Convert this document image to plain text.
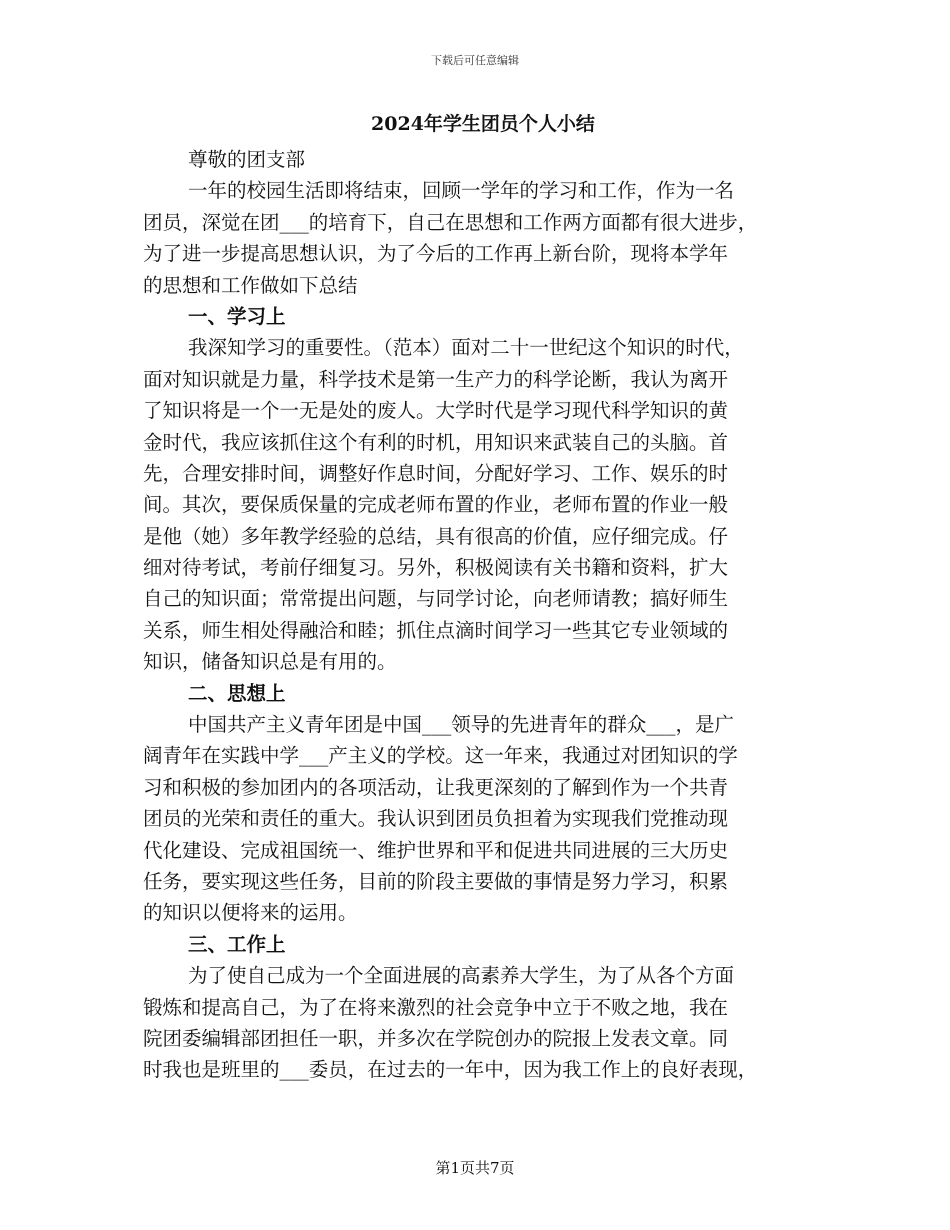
下载后可任意编辑
2024年学生团员个人小结

尊敬的团支部

一年的校园生活即将结束，回顾一学年的学习和工作，作为一名

团员，深觉在团___的培育下，自己在思想和工作两方面都有很大进步，

为了进一步提高思想认识，为了今后的工作再上新台阶，现将本学年

的思想和工作做如下总结

一、学习上

我深知学习的重要性。（范本）面对二十一世纪这个知识的时代，

面对知识就是力量，科学技术是第一生产力的科学论断，我认为离开

了知识将是一个一无是处的废人。大学时代是学习现代科学知识的黄

金时代，我应该抓住这个有利的时机，用知识来武装自己的头脑。首

先，合理安排时间，调整好作息时间，分配好学习、工作、娱乐的时

间。其次，要保质保量的完成老师布置的作业，老师布置的作业一般

是他（她）多年教学经验的总结，具有很高的价值，应仔细完成。仔

细对待考试，考前仔细复习。另外，积极阅读有关书籍和资料，扩大

自己的知识面；常常提出问题，与同学讨论，向老师请教；搞好师生

关系，师生相处得融洽和睦；抓住点滴时间学习一些其它专业领域的

知识，储备知识总是有用的。

二、思想上

中国共产主义青年团是中国___领导的先进青年的群众___，是广

阔青年在实践中学___产主义的学校。这一年来，我通过对团知识的学

习和积极的参加团内的各项活动，让我更深刻的了解到作为一个共青

团员的光荣和责任的重大。我认识到团员负担着为实现我们党推动现

代化建设、完成祖国统一、维护世界和平和促进共同进展的三大历史

任务，要实现这些任务，目前的阶段主要做的事情是努力学习，积累

的知识以便将来的运用。

三、工作上

为了使自己成为一个全面进展的高素养大学生，为了从各个方面

锻炼和提高自己，为了在将来激烈的社会竞争中立于不败之地，我在

院团委编辑部团担任一职，并多次在学院创办的院报上发表文章。同

时我也是班里的___委员，在过去的一年中，因为我工作上的良好表现，

第1页共7页
